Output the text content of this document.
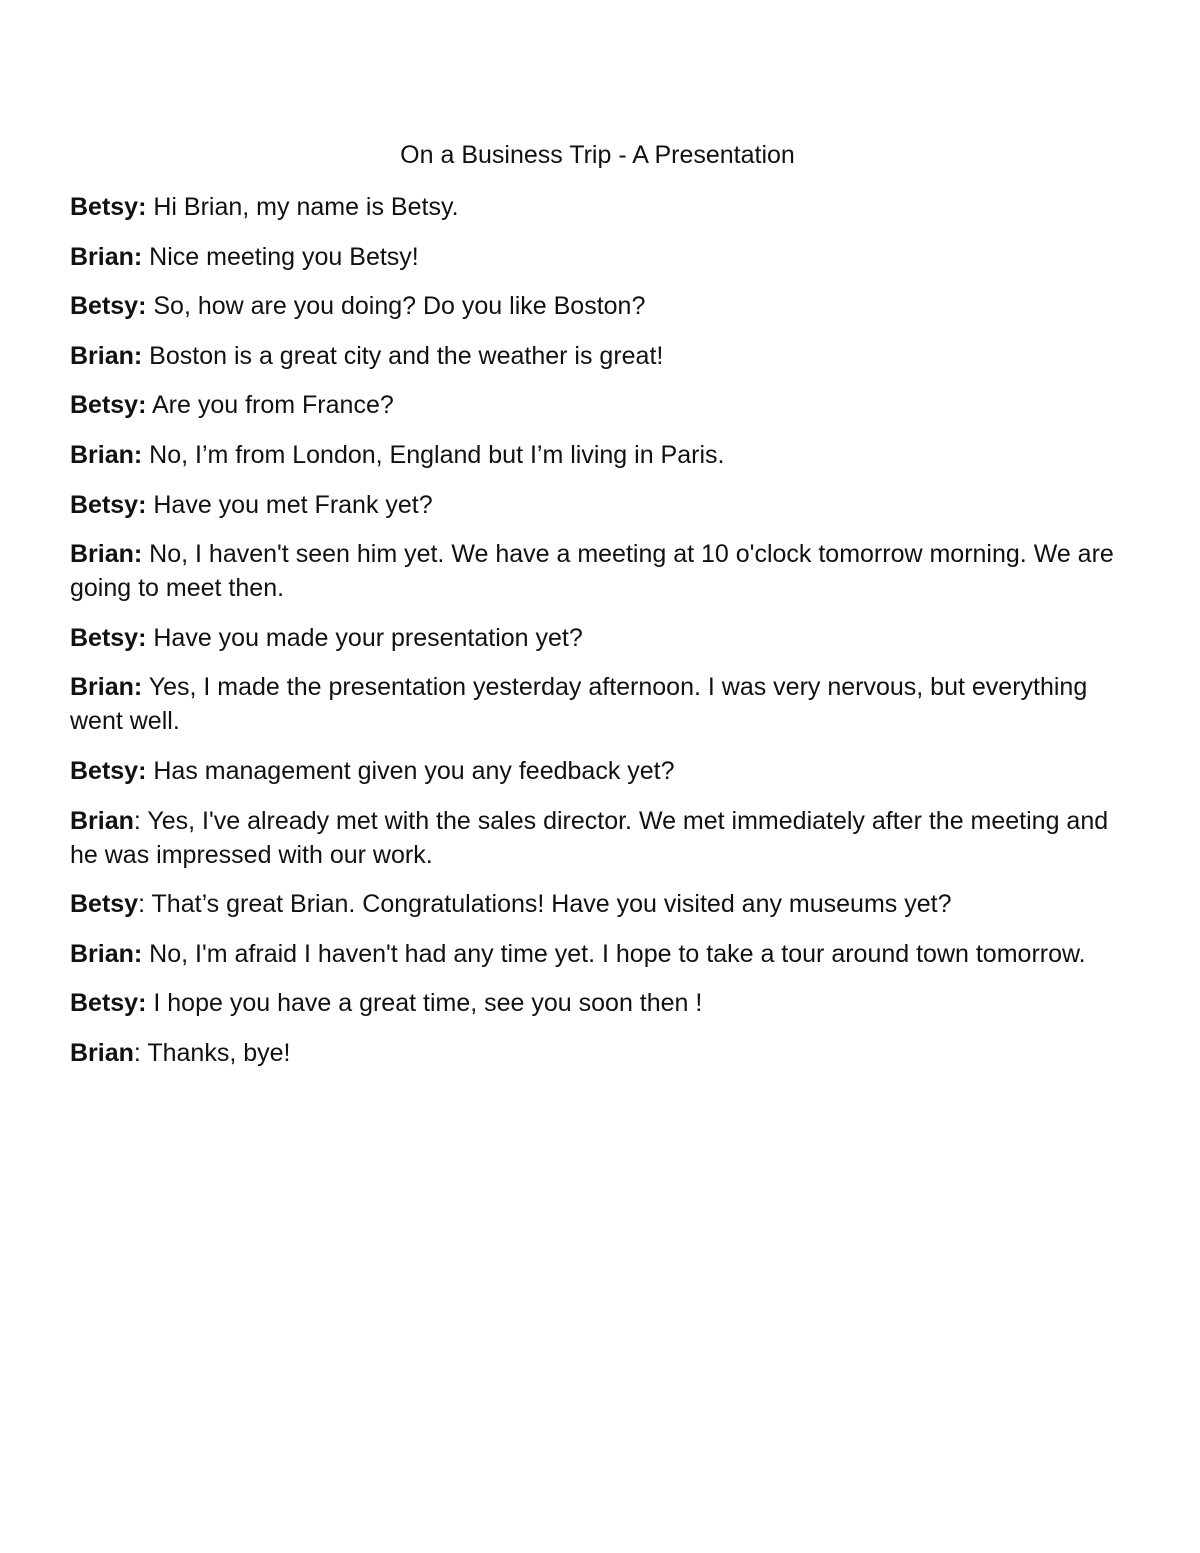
On a Business Trip - A Presentation

Betsy: Hi Brian, my name is Betsy.

Brian: Nice meeting you Betsy!

Betsy: So, how are you doing? Do you like Boston?

Brian: Boston is a great city and the weather is great!

Betsy: Are you from France?

Brian: No, I’m from London, England but I’m living in Paris.

Betsy: Have you met Frank yet?

Brian: No, I haven't seen him yet. We have a meeting at 10 o'clock tomorrow morning. We are going to meet then.

Betsy: Have you made your presentation yet?

Brian: Yes, I made the presentation yesterday afternoon. I was very nervous, but everything went well.

Betsy: Has management given you any feedback yet?

Brian: Yes, I've already met with the sales director. We met immediately after the meeting and he was impressed with our work.

Betsy: That’s great Brian. Congratulations! Have you visited any museums yet?

Brian: No, I'm afraid I haven't had any time yet. I hope to take a tour around town tomorrow.

Betsy: I hope you have a great time, see you soon then !

Brian: Thanks, bye!
